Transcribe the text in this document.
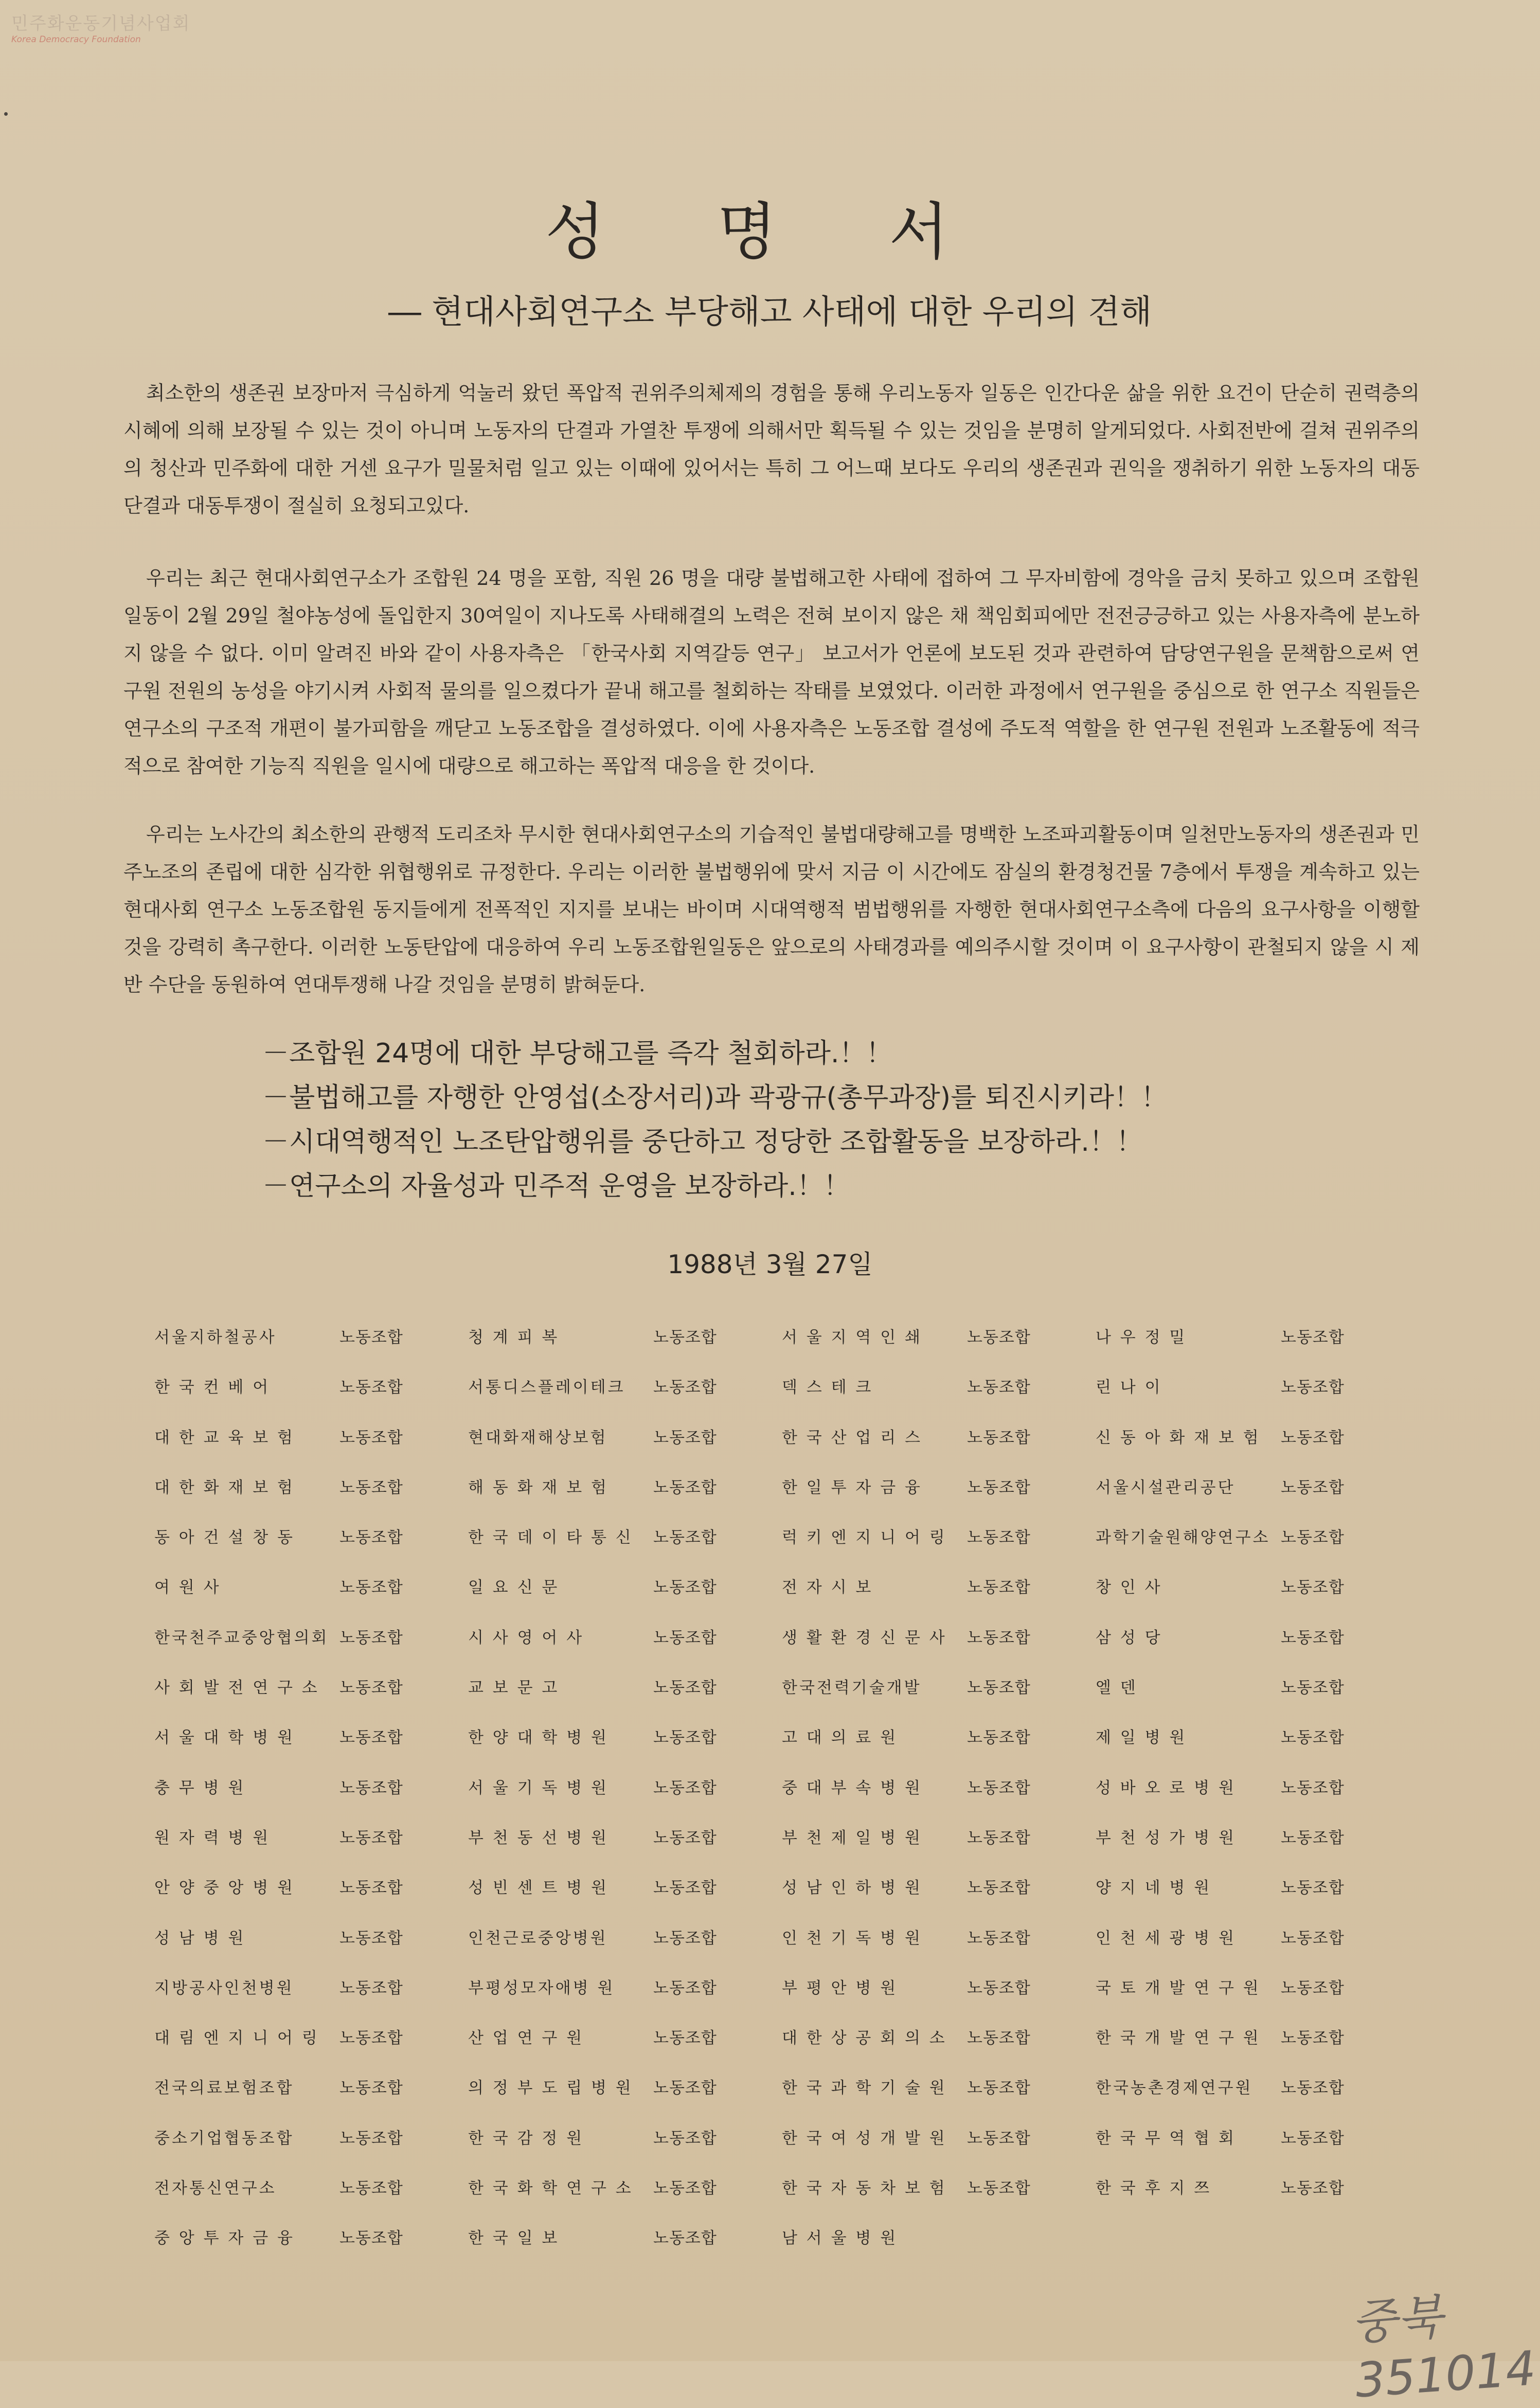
민주화운동기념사업회
Korea Democracy Foundation
성 명 서
― 현대사회연구소 부당해고 사태에 대한 우리의 견해

최소한의 생존권 보장마저 극심하게 억눌러 왔던 폭압적 권위주의체제의 경험을 통해 우리노동자 일동은 인간다운 삶을 위한 요건이 단순히 권력층의 시혜에 의해 보장될 수 있는 것이 아니며 노동자의 단결과 가열찬 투쟁에 의해서만 획득될 수 있는 것임을 분명히 알게되었다. 사회전반에 걸쳐 권위주의의 청산과 민주화에 대한 거센 요구가 밀물처럼 일고 있는 이때에 있어서는 특히 그 어느때 보다도 우리의 생존권과 권익을 쟁취하기 위한 노동자의 대동단결과 대동투쟁이 절실히 요청되고있다.

우리는 최근 현대사회연구소가 조합원 24 명을 포함, 직원 26 명을 대량 불법해고한 사태에 접하여 그 무자비함에 경악을 금치 못하고 있으며 조합원 일동이 2월 29일 철야농성에 돌입한지 30여일이 지나도록 사태해결의 노력은 전혀 보이지 않은 채 책임회피에만 전전긍긍하고 있는 사용자측에 분노하지 않을 수 없다. 이미 알려진 바와 같이 사용자측은 「한국사회 지역갈등 연구」 보고서가 언론에 보도된 것과 관련하여 담당연구원을 문책함으로써 연구원 전원의 농성을 야기시켜 사회적 물의를 일으켰다가 끝내 해고를 철회하는 작태를 보였었다. 이러한 과정에서 연구원을 중심으로 한 연구소 직원들은 연구소의 구조적 개편이 불가피함을 깨닫고 노동조합을 결성하였다. 이에 사용자측은 노동조합 결성에 주도적 역할을 한 연구원 전원과 노조활동에 적극적으로 참여한 기능직 직원을 일시에 대량으로 해고하는 폭압적 대응을 한 것이다.

우리는 노사간의 최소한의 관행적 도리조차 무시한 현대사회연구소의 기습적인 불법대량해고를 명백한 노조파괴활동이며 일천만노동자의 생존권과 민주노조의 존립에 대한 심각한 위협행위로 규정한다. 우리는 이러한 불법행위에 맞서 지금 이 시간에도 잠실의 환경청건물 7층에서 투쟁을 계속하고 있는 현대사회 연구소 노동조합원 동지들에게 전폭적인 지지를 보내는 바이며 시대역행적 범법행위를 자행한 현대사회연구소측에 다음의 요구사항을 이행할 것을 강력히 촉구한다. 이러한 노동탄압에 대응하여 우리 노동조합원일동은 앞으로의 사태경과를 예의주시할 것이며 이 요구사항이 관철되지 않을 시 제반 수단을 동원하여 연대투쟁해 나갈 것임을 분명히 밝혀둔다.

－조합원 24명에 대한 부당해고를 즉각 철회하라.！！
－불법해고를 자행한 안영섭(소장서리)과 곽광규(총무과장)를 퇴진시키라！！
－시대역행적인 노조탄압행위를 중단하고 정당한 조합활동을 보장하라.！！
－연구소의 자율성과 민주적 운영을 보장하라.！！
1988년 3월 27일
서울지하철공사	노동조합	청 계 피 복	노동조합	서 울 지 역 인 쇄	노동조합	나 우 정 밀	노동조합
한 국 컨 베 어	노동조합	서통디스플레이테크	노동조합	덱 스 테 크	노동조합	린 나 이	노동조합
대 한 교 육 보 험	노동조합	현대화재해상보험	노동조합	한 국 산 업 리 스	노동조합	신 동 아 화 재 보 험	노동조합
대 한 화 재 보 험	노동조합	해 동 화 재 보 험	노동조합	한 일 투 자 금 융	노동조합	서울시설관리공단	노동조합
동 아 건 설 창 동	노동조합	한 국 데 이 타 통 신	노동조합	럭 키 엔 지 니 어 링	노동조합	과학기술원해양연구소 노동조합
여 원 사	노동조합	일 요 신 문	노동조합	전 자 시 보	노동조합	창 인 사	노동조합
한국천주교중앙협의회 노동조합	시 사 영 어 사	노동조합	생 활 환 경 신 문 사	노동조합	삼 성 당	노동조합
사 회 발 전 연 구 소	노동조합	교 보 문 고	노동조합	한국전력기술개발	노동조합	엘 덴	노동조합
서 울 대 학 병 원	노동조합	한 양 대 학 병 원	노동조합	고 대 의 료 원	노동조합	제 일 병 원	노동조합
충 무 병 원	노동조합	서 울 기 독 병 원	노동조합	중 대 부 속 병 원	노동조합	성 바 오 로 병 원	노동조합
원 자 력 병 원	노동조합	부 천 동 선 병 원	노동조합	부 천 제 일 병 원	노동조합	부 천 성 가 병 원	노동조합
안 양 중 앙 병 원	노동조합	성 빈 센 트 병 원	노동조합	성 남 인 하 병 원	노동조합	양 지 네 병 원	노동조합
성 남 병 원	노동조합	인천근로중앙병원	노동조합	인 천 기 독 병 원	노동조합	인 천 세 광 병 원	노동조합
지방공사인천병원	노동조합	부평성모자애병 원	노동조합	부 평 안 병 원	노동조합	국 토 개 발 연 구 원	노동조합
대 림 엔 지 니 어 링	노동조합	산 업 연 구 원	노동조합	대 한 상 공 회 의 소	노동조합	한 국 개 발 연 구 원	노동조합
전국의료보험조합	노동조합	의 정 부 도 립 병 원	노동조합	한 국 과 학 기 술 원	노동조합	한국농촌경제연구원	노동조합
중소기업협동조합	노동조합	한 국 감 정 원	노동조합	한 국 여 성 개 발 원	노동조합	한 국 무 역 협 회	노동조합
전자통신연구소	노동조합	한 국 화 학 연 구 소	노동조합	한 국 자 동 차 보 험	노동조합	한 국 후 지 쯔	노동조합
중 앙 투 자 금 융	노동조합	한 국 일 보	노동조합	남 서 울 병 원
중북351014
